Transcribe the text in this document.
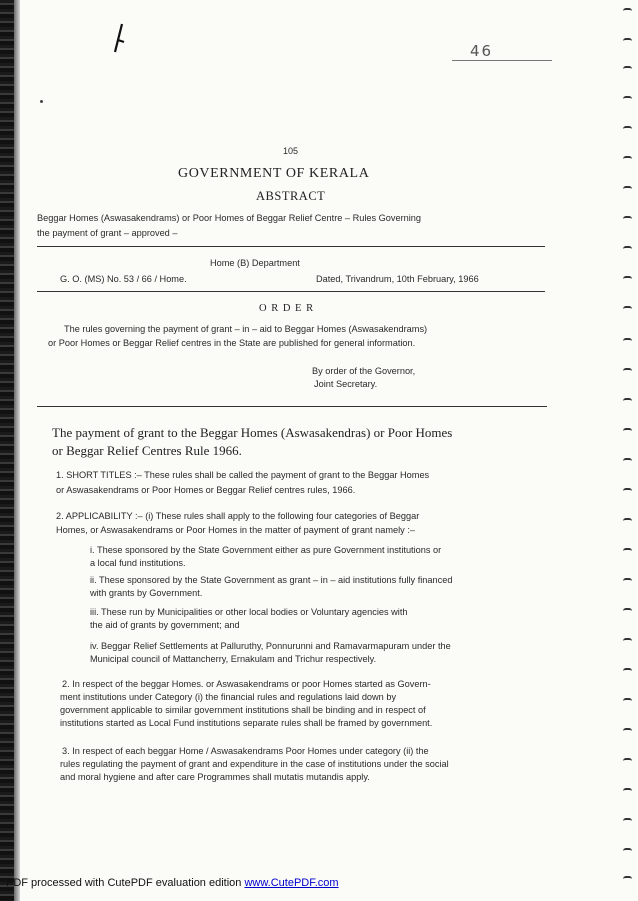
46
105
GOVERNMENT OF KERALA
ABSTRACT
Beggar Homes (Aswasakendrams) or Poor Homes of Beggar Relief Centre – Rules Governing
the payment of grant – approved –
Home (B) Department
G. O. (MS) No. 53 / 66 / Home.	Dated, Trivandrum, 10th February, 1966
O R D E R
The rules governing the payment of grant – in – aid to Beggar Homes (Aswasakendrams)
or Poor Homes or Beggar Relief centres in the State are published for general information.
By order of the Governor,
Joint Secretary.
The payment of grant to the Beggar Homes (Aswasakendras) or Poor Homes
or Beggar Relief Centres Rule 1966.
1. SHORT TITLES :– These rules shall be called the payment of grant to the Beggar Homes
or Aswasakendrams or Poor Homes or Beggar Relief centres rules, 1966.
2. APPLICABILITY :– (i) These rules shall apply to the following four categories of Beggar
Homes, or Aswasakendrams or Poor Homes in the matter of payment of grant namely :–
i. These sponsored by the State Government either as pure Government institutions or
a local fund institutions.
ii. These sponsored by the State Government as grant – in – aid institutions fully financed
with grants by Government.
iii. These run by Municipalities or other local bodies or Voluntary agencies with
the aid of grants by government; and
iv. Beggar Relief Settlements at Palluruthy, Ponnurunni and Ramavarmapuram under the
Municipal council of Mattancherry, Ernakulam and Trichur respectively.
2. In respect of the beggar Homes. or Aswasakendrams or poor Homes started as Govern-
ment institutions under Category (i) the financial rules and regulations laid down by
government applicable to similar government institutions shall be binding and in respect of
institutions started as Local Fund institutions separate rules shall be framed by government.
3. In respect of each beggar Home / Aswasakendrams Poor Homes under category (ii) the
rules regulating the payment of grant and expenditure in the case of institutions under the social
and moral hygiene and after care Programmes shall mutatis mutandis apply.
PDF processed with CutePDF evaluation edition www.CutePDF.com
